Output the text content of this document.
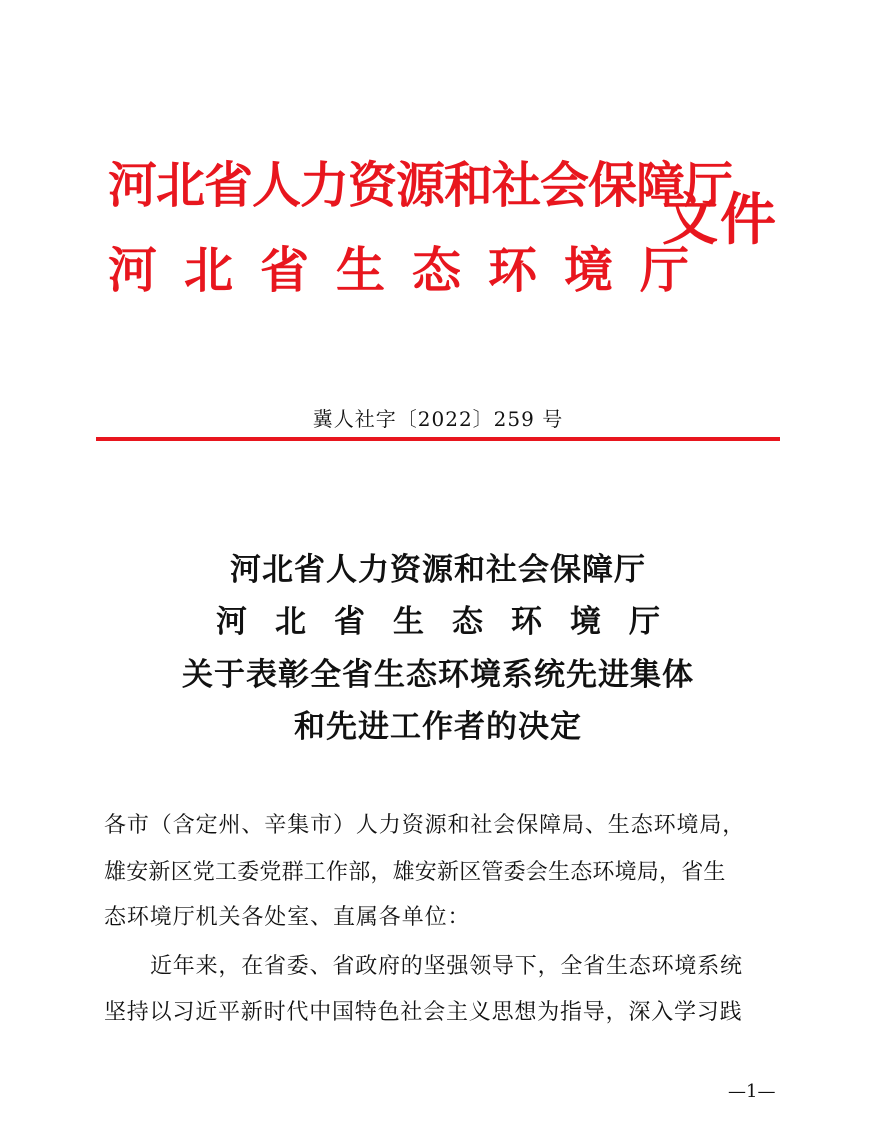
河北省人力资源和社会保障厅
河北省生态环境厅
文件
冀人社字〔2022〕259 号
河北省人力资源和社会保障厅
河北省生态环境厅
关于表彰全省生态环境系统先进集体
和先进工作者的决定
各市（含定州、辛集市）人力资源和社会保障局、生态环境局，
雄安新区党工委党群工作部，雄安新区管委会生态环境局，省生
态环境厅机关各处室、直属各单位：
近年来，在省委、省政府的坚强领导下，全省生态环境系统
坚持以习近平新时代中国特色社会主义思想为指导，深入学习践
—1—
